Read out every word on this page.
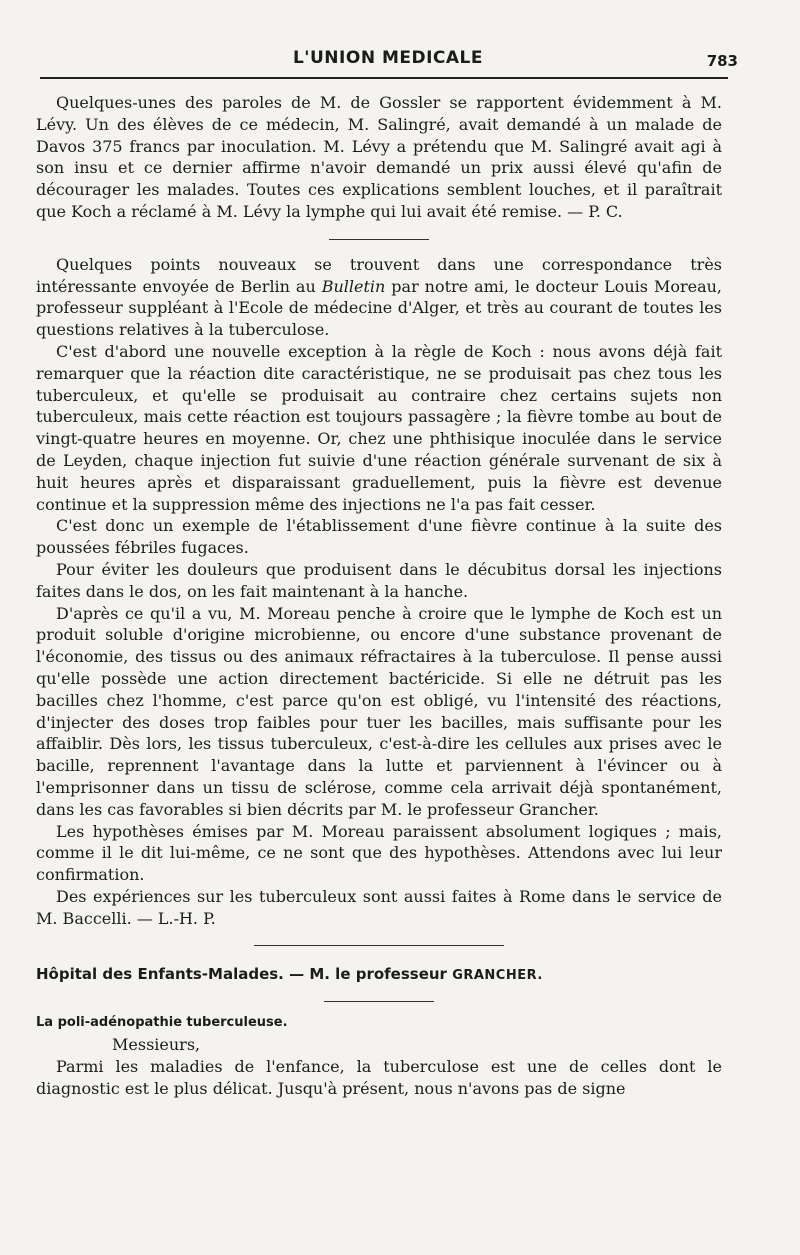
L'UNION MEDICALE	783

Quelques-unes des paroles de M. de Gossler se rapportent évidemment à M. Lévy. Un des élèves de ce médecin, M. Salingré, avait demandé à un malade de Davos 375 francs par inoculation. M. Lévy a prétendu que M. Salingré avait agi à son insu et ce dernier affirme n'avoir demandé un prix aussi élevé qu'afin de décourager les malades. Toutes ces explications semblent louches, et il paraîtrait que Koch a réclamé à M. Lévy la lymphe qui lui avait été remise. — P. C.

Quelques points nouveaux se trouvent dans une correspondance très intéressante envoyée de Berlin au Bulletin par notre ami, le docteur Louis Moreau, professeur suppléant à l'Ecole de médecine d'Alger, et très au courant de toutes les questions relatives à la tuberculose.

C'est d'abord une nouvelle exception à la règle de Koch : nous avons déjà fait remarquer que la réaction dite caractéristique, ne se produisait pas chez tous les tuberculeux, et qu'elle se produisait au contraire chez certains sujets non tuberculeux, mais cette réaction est toujours passagère ; la fièvre tombe au bout de vingt-quatre heures en moyenne. Or, chez une phthisique inoculée dans le service de Leyden, chaque injection fut suivie d'une réaction générale survenant de six à huit heures après et disparaissant graduellement, puis la fièvre est devenue continue et la suppression même des injections ne l'a pas fait cesser.

C'est donc un exemple de l'établissement d'une fièvre continue à la suite des poussées fébriles fugaces.

Pour éviter les douleurs que produisent dans le décubitus dorsal les injections faites dans le dos, on les fait maintenant à la hanche.

D'après ce qu'il a vu, M. Moreau penche à croire que le lymphe de Koch est un produit soluble d'origine microbienne, ou encore d'une substance provenant de l'économie, des tissus ou des animaux réfractaires à la tuberculose. Il pense aussi qu'elle possède une action directement bactéricide. Si elle ne détruit pas les bacilles chez l'homme, c'est parce qu'on est obligé, vu l'intensité des réactions, d'injecter des doses trop faibles pour tuer les bacilles, mais suffisante pour les affaiblir. Dès lors, les tissus tuberculeux, c'est-à-dire les cellules aux prises avec le bacille, reprennent l'avantage dans la lutte et parviennent à l'évincer ou à l'emprisonner dans un tissu de sclérose, comme cela arrivait déjà spontanément, dans les cas favorables si bien décrits par M. le professeur Grancher.

Les hypothèses émises par M. Moreau paraissent absolument logiques ; mais, comme il le dit lui-même, ce ne sont que des hypothèses. Attendons avec lui leur confirmation.

Des expériences sur les tuberculeux sont aussi faites à Rome dans le service de M. Baccelli. — L.-H. P.

Hôpital des Enfants-Malades. — M. le professeur GRANCHER.

La poli-adénopathie tuberculeuse.

Messieurs,

Parmi les maladies de l'enfance, la tuberculose est une de celles dont le diagnostic est le plus délicat. Jusqu'à présent, nous n'avons pas de signe
